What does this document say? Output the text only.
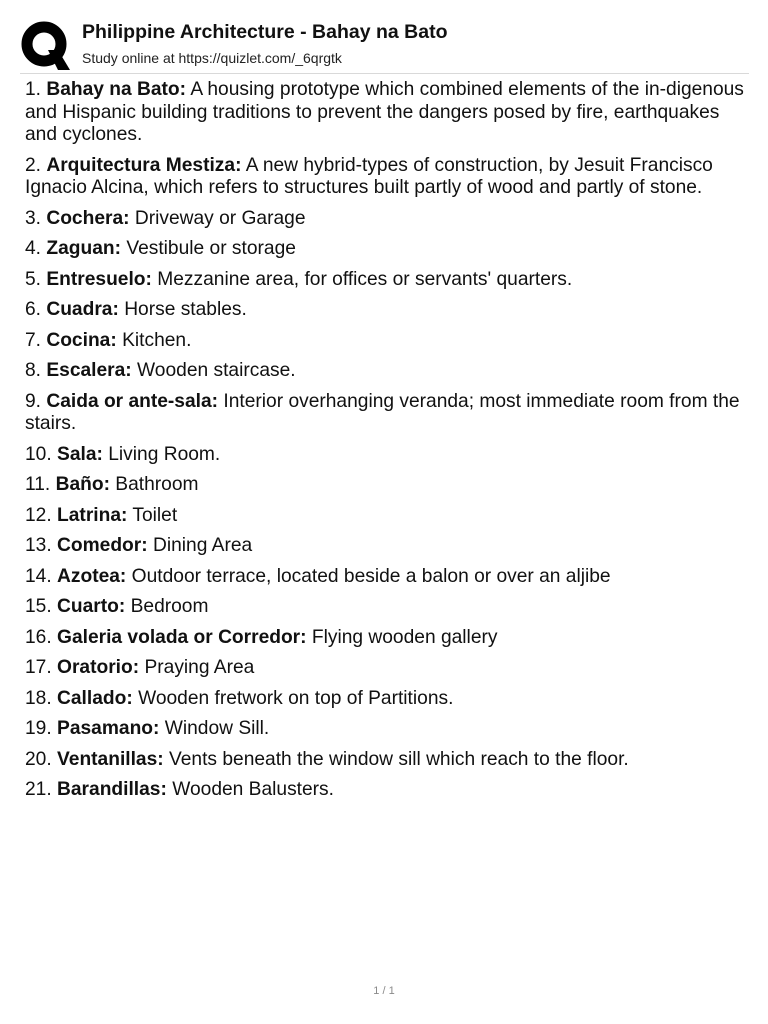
Philippine Architecture - Bahay na Bato
Study online at https://quizlet.com/_6qrgtk
1. Bahay na Bato: A housing prototype which combined elements of the in-digenous and Hispanic building traditions to prevent the dangers posed by fire, earthquakes and cyclones.
2. Arquitectura Mestiza: A new hybrid-types of construction, by Jesuit Francisco Ignacio Alcina, which refers to structures built partly of wood and partly of stone.
3. Cochera: Driveway or Garage
4. Zaguan: Vestibule or storage
5. Entresuelo: Mezzanine area, for offices or servants' quarters.
6. Cuadra: Horse stables.
7. Cocina: Kitchen.
8. Escalera: Wooden staircase.
9. Caida or ante-sala: Interior overhanging veranda; most immediate room from the stairs.
10. Sala: Living Room.
11. Baño: Bathroom
12. Latrina: Toilet
13. Comedor: Dining Area
14. Azotea: Outdoor terrace, located beside a balon or over an aljibe
15. Cuarto: Bedroom
16. Galeria volada or Corredor: Flying wooden gallery
17. Oratorio: Praying Area
18. Callado: Wooden fretwork on top of Partitions.
19. Pasamano: Window Sill.
20. Ventanillas: Vents beneath the window sill which reach to the floor.
21. Barandillas: Wooden Balusters.
1 / 1
